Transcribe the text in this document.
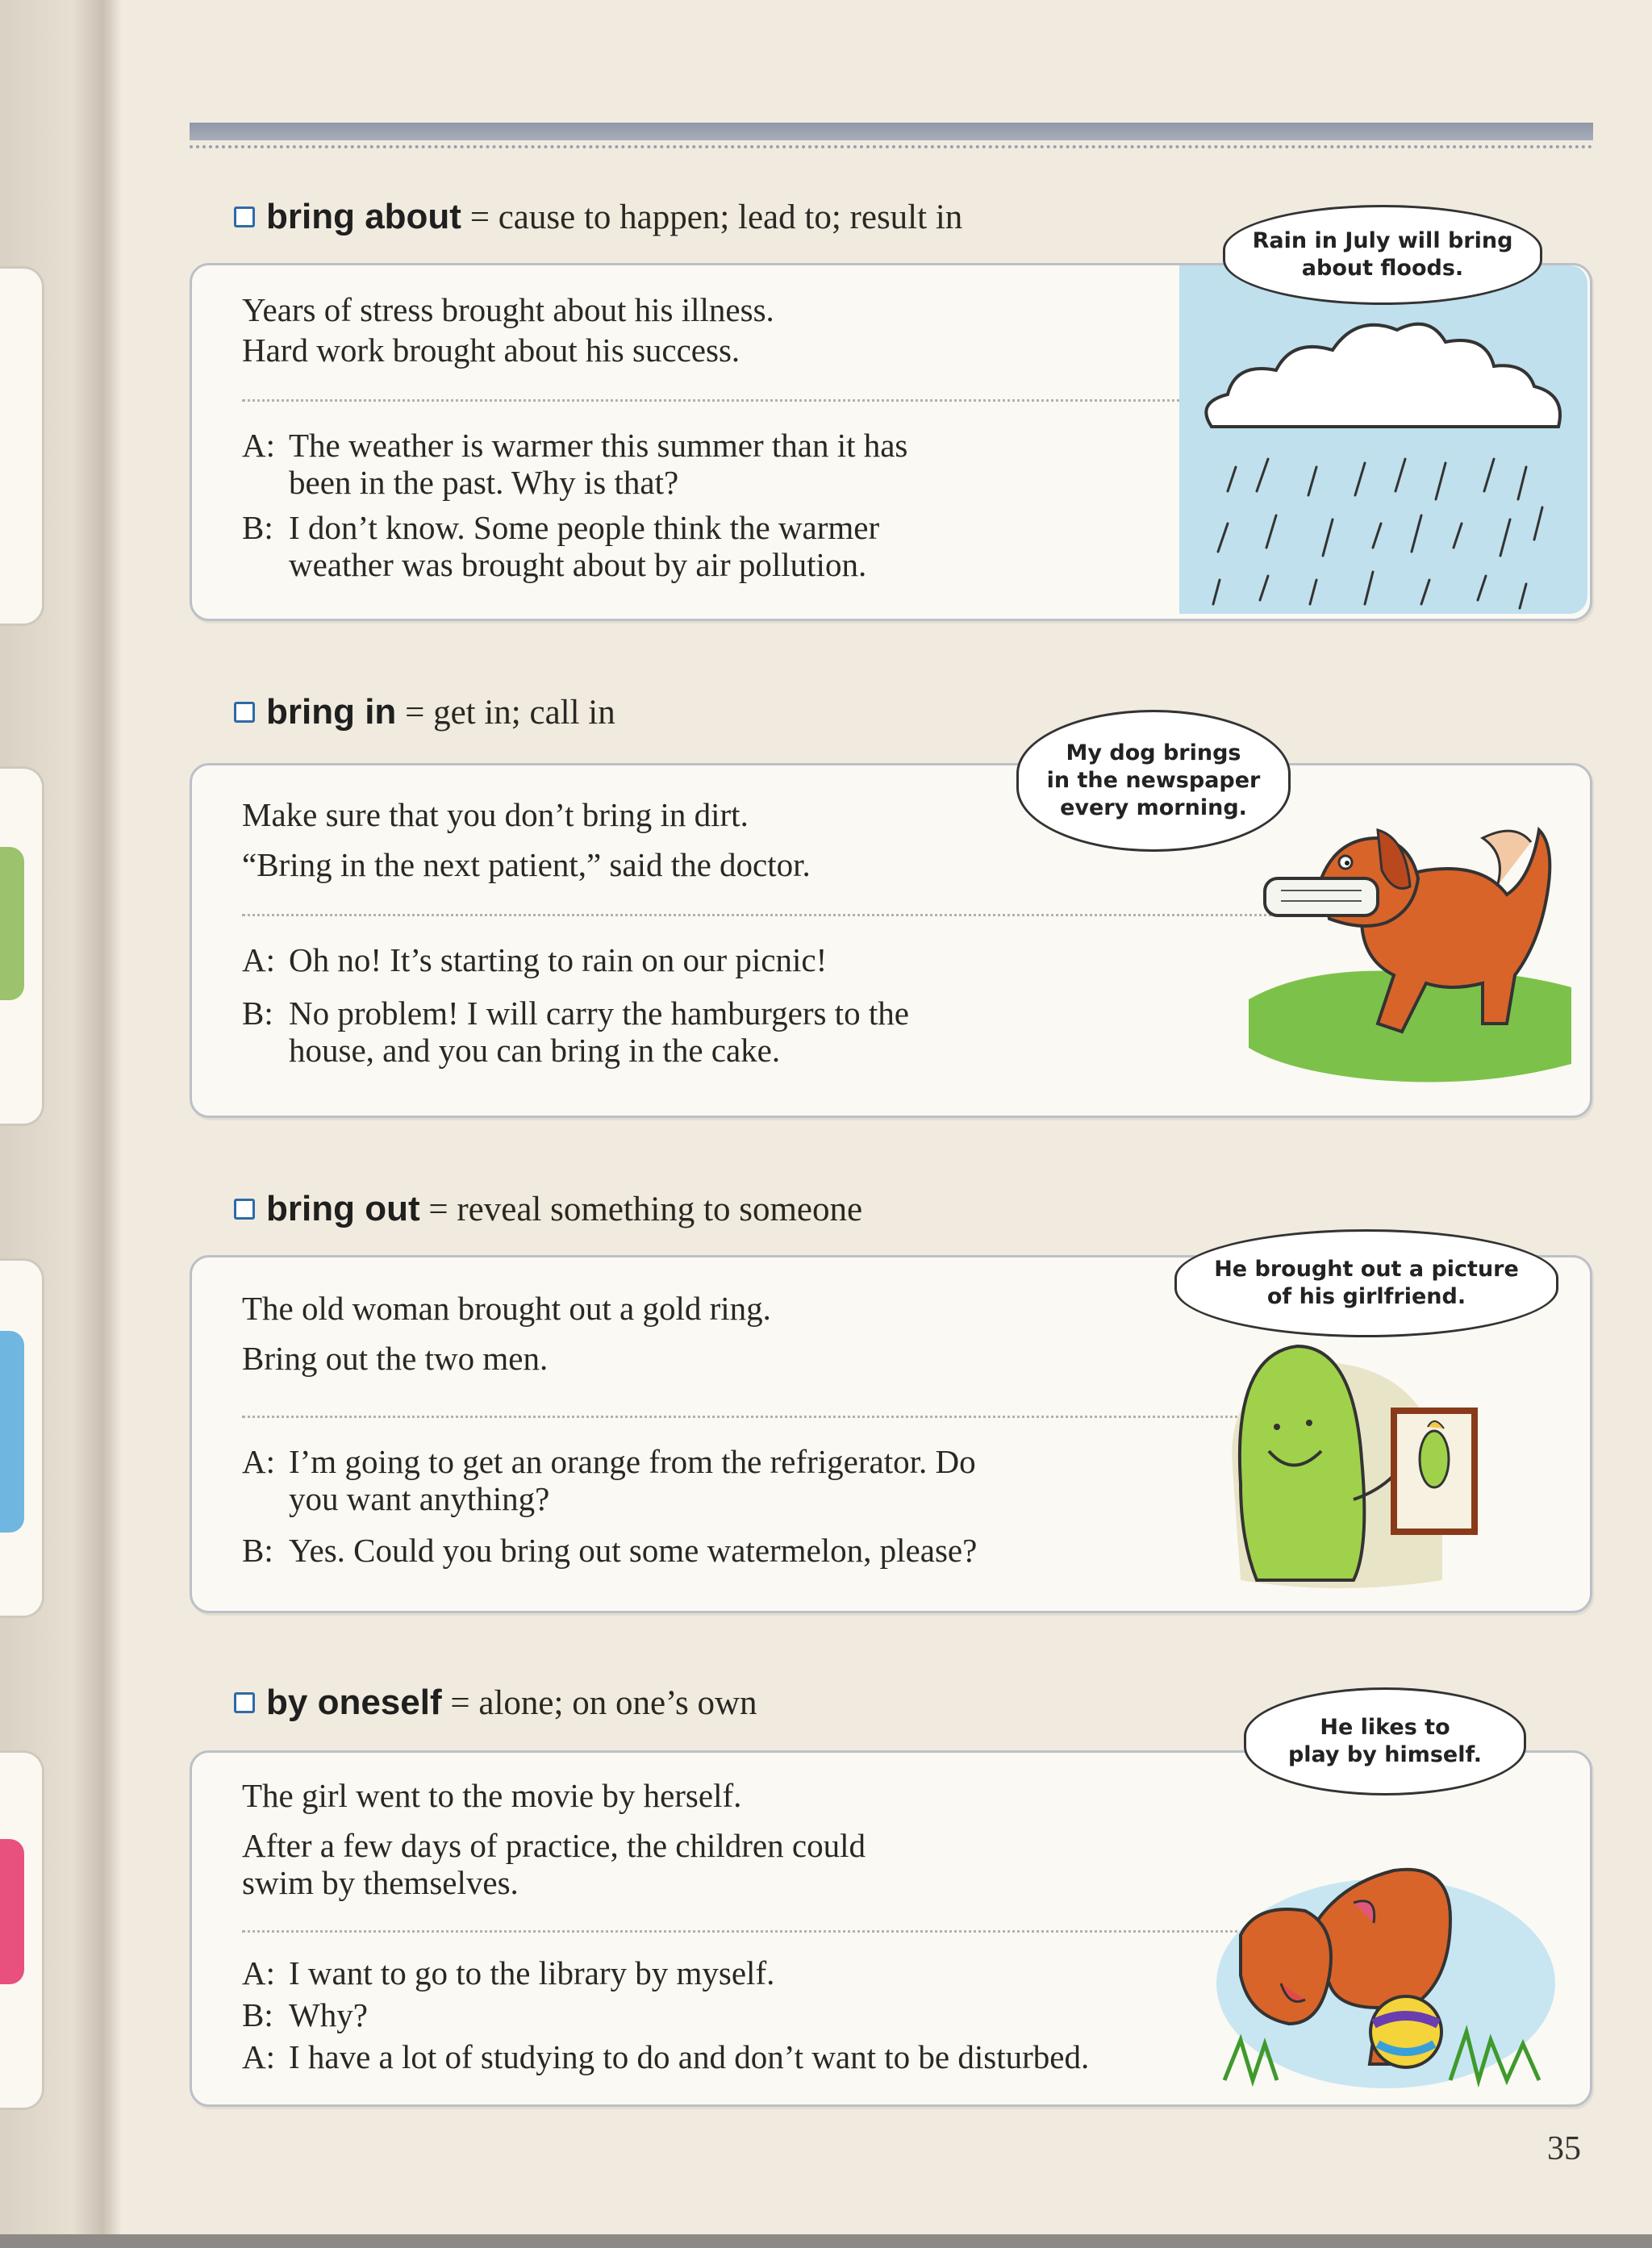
bring about = cause to happen; lead to; result in
Years of stress brought about his illness.
Hard work brought about his success.
A: The weather is warmer this summer than it has
been in the past. Why is that?
B: I don’t know. Some people think the warmer
weather was brought about by air pollution.
Rain in July will bring
about floods.
bring in = get in; call in
Make sure that you don’t bring in dirt.
“Bring in the next patient,” said the doctor.
A: Oh no! It’s starting to rain on our picnic!
B: No problem! I will carry the hamburgers to the
house, and you can bring in the cake.
My dog brings
in the newspaper
every morning.
bring out = reveal something to someone
The old woman brought out a gold ring.
Bring out the two men.
A: I’m going to get an orange from the refrigerator. Do
you want anything?
B: Yes. Could you bring out some watermelon, please?
He brought out a picture
of his girlfriend.
by oneself = alone; on one’s own
The girl went to the movie by herself.
After a few days of practice, the children could
swim by themselves.
A: I want to go to the library by myself.
B: Why?
A: I have a lot of studying to do and don’t want to be disturbed.
He likes to
play by himself.
35
